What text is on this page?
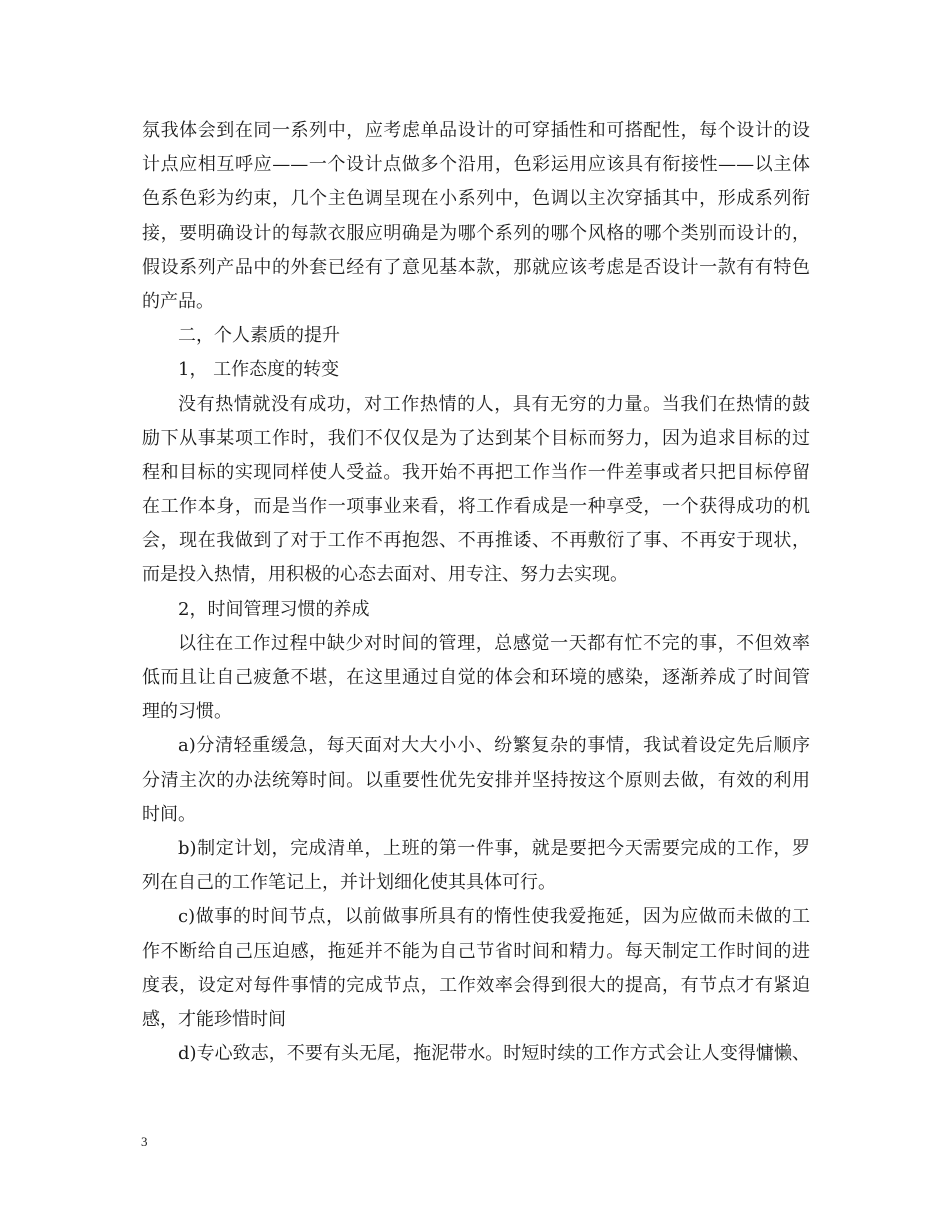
氛我体会到在同一系列中，应考虑单品设计的可穿插性和可搭配性，每个设计的设
计点应相互呼应——一个设计点做多个沿用，色彩运用应该具有衔接性——以主体
色系色彩为约束，几个主色调呈现在小系列中，色调以主次穿插其中，形成系列衔
接，要明确设计的每款衣服应明确是为哪个系列的哪个风格的哪个类别而设计的，
假设系列产品中的外套已经有了意见基本款，那就应该考虑是否设计一款有有特色
的产品。
二，个人素质的提升
1， 工作态度的转变
没有热情就没有成功，对工作热情的人，具有无穷的力量。当我们在热情的鼓
励下从事某项工作时，我们不仅仅是为了达到某个目标而努力，因为追求目标的过
程和目标的实现同样使人受益。我开始不再把工作当作一件差事或者只把目标停留
在工作本身，而是当作一项事业来看，将工作看成是一种享受，一个获得成功的机
会，现在我做到了对于工作不再抱怨、不再推诿、不再敷衍了事、不再安于现状，
而是投入热情，用积极的心态去面对、用专注、努力去实现。
2，时间管理习惯的养成
以往在工作过程中缺少对时间的管理，总感觉一天都有忙不完的事，不但效率
低而且让自己疲惫不堪，在这里通过自觉的体会和环境的感染，逐渐养成了时间管
理的习惯。
a)分清轻重缓急，每天面对大大小小、纷繁复杂的事情，我试着设定先后顺序
分清主次的办法统筹时间。以重要性优先安排并坚持按这个原则去做，有效的利用
时间。
b)制定计划，完成清单，上班的第一件事，就是要把今天需要完成的工作，罗
列在自己的工作笔记上，并计划细化使其具体可行。
c)做事的时间节点，以前做事所具有的惰性使我爱拖延，因为应做而未做的工
作不断给自己压迫感，拖延并不能为自己节省时间和精力。每天制定工作时间的进
度表，设定对每件事情的完成节点，工作效率会得到很大的提高，有节点才有紧迫
感，才能珍惜时间
d)专心致志，不要有头无尾，拖泥带水。时短时续的工作方式会让人变得慵懒、
3
